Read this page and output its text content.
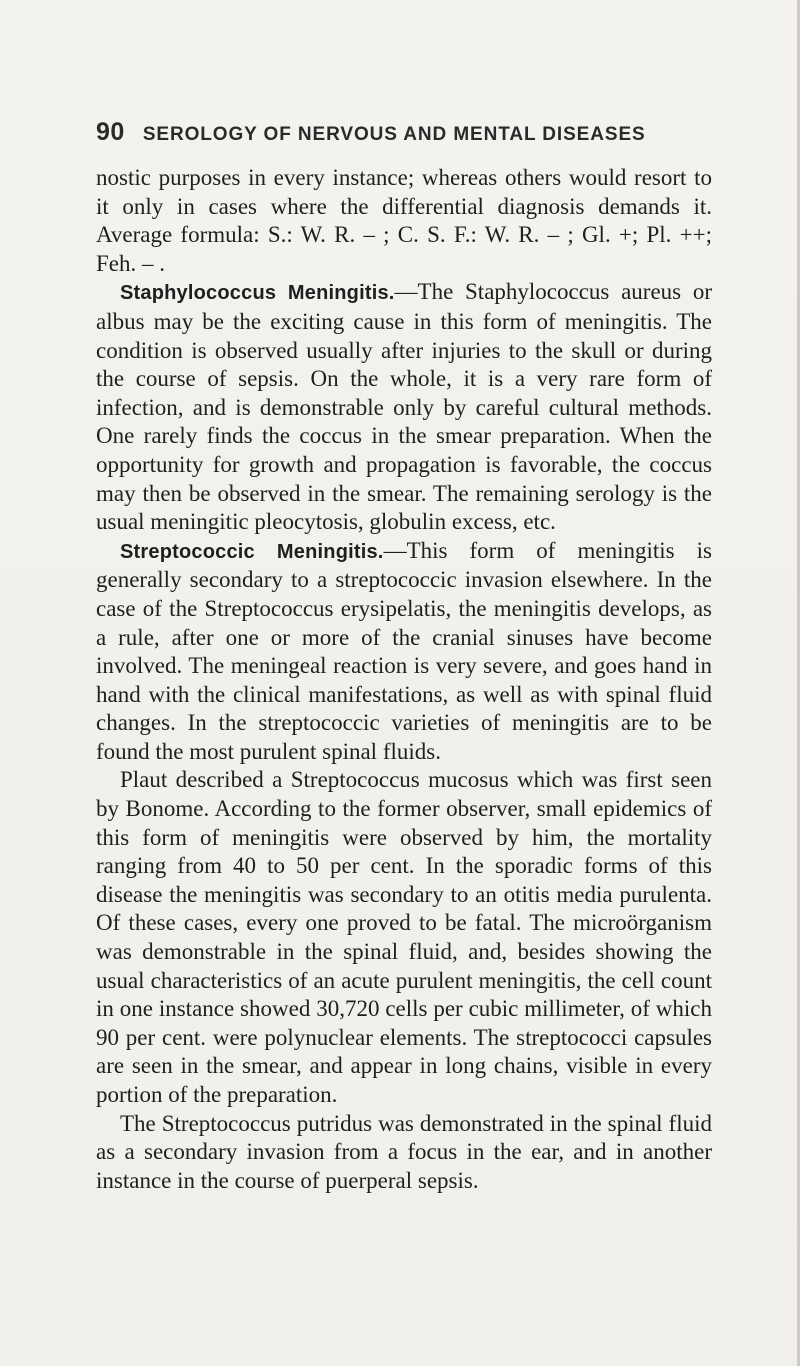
90 SEROLOGY OF NERVOUS AND MENTAL DISEASES

nostic purposes in every instance; whereas others would resort to it only in cases where the differential diagnosis demands it. Average formula: S.: W. R. – ; C. S. F.: W. R. – ; Gl. +; Pl. ++; Feh. – .

Staphylococcus Meningitis.—The Staphylococcus aureus or albus may be the exciting cause in this form of meningitis. The condition is observed usually after injuries to the skull or during the course of sepsis. On the whole, it is a very rare form of infection, and is demonstrable only by careful cultural methods. One rarely finds the coccus in the smear preparation. When the opportunity for growth and propagation is favorable, the coccus may then be observed in the smear. The remaining serology is the usual meningitic pleocytosis, globulin excess, etc.

Streptococcic Meningitis.—This form of meningitis is generally secondary to a streptococcic invasion elsewhere. In the case of the Streptococcus erysipelatis, the meningitis develops, as a rule, after one or more of the cranial sinuses have become involved. The meningeal reaction is very severe, and goes hand in hand with the clinical manifestations, as well as with spinal fluid changes. In the streptococcic varieties of meningitis are to be found the most purulent spinal fluids.

Plaut described a Streptococcus mucosus which was first seen by Bonome. According to the former observer, small epidemics of this form of meningitis were observed by him, the mortality ranging from 40 to 50 per cent. In the sporadic forms of this disease the meningitis was secondary to an otitis media purulenta. Of these cases, every one proved to be fatal. The microörganism was demonstrable in the spinal fluid, and, besides showing the usual characteristics of an acute purulent meningitis, the cell count in one instance showed 30,720 cells per cubic millimeter, of which 90 per cent. were polynuclear elements. The streptococci capsules are seen in the smear, and appear in long chains, visible in every portion of the preparation.

The Streptococcus putridus was demonstrated in the spinal fluid as a secondary invasion from a focus in the ear, and in another instance in the course of puerperal sepsis.
